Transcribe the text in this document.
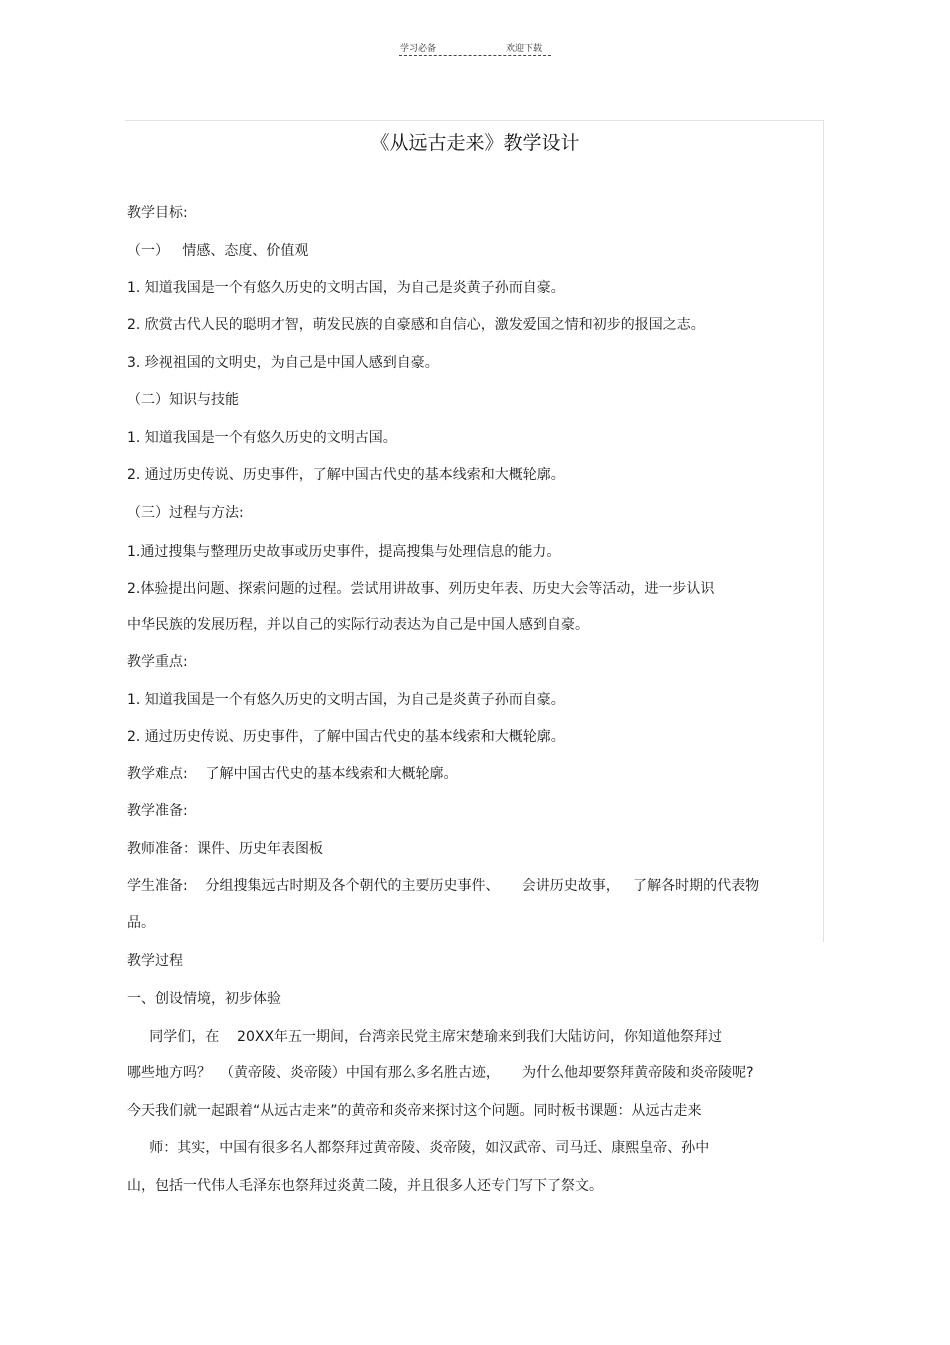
学习必备	欢迎下载
《从远古走来》教学设计
教学目标:
（一）   情感、态度、价值观
1. 知道我国是一个有悠久历史的文明古国，为自己是炎黄子孙而自豪。
2. 欣赏古代人民的聪明才智，萌发民族的自豪感和自信心，激发爱国之情和初步的报国之志。
3. 珍视祖国的文明史，为自己是中国人感到自豪。
（二）知识与技能
1. 知道我国是一个有悠久历史的文明古国。
2. 通过历史传说、历史事件，了解中国古代史的基本线索和大概轮廓。
（三）过程与方法:
1.通过搜集与整理历史故事或历史事件，提高搜集与处理信息的能力。
2.体验提出问题、探索问题的过程。尝试用讲故事、列历史年表、历史大会等活动，进一步认识
中华民族的发展历程，并以自己的实际行动表达为自己是中国人感到自豪。
教学重点:
1. 知道我国是一个有悠久历史的文明古国，为自己是炎黄子孙而自豪。
2. 通过历史传说、历史事件，了解中国古代史的基本线索和大概轮廓。
教学难点:    了解中国古代史的基本线索和大概轮廓。
教学准备:
教师准备：课件、历史年表图板
学生准备:    分组搜集远古时期及各个朝代的主要历史事件、     会讲历史故事，   了解各时期的代表物
品。
教学过程
一、创设情境，初步体验
同学们，在    20XX年五一期间，台湾亲民党主席宋楚瑜来到我们大陆访问，你知道他祭拜过
哪些地方吗？  （黄帝陵、炎帝陵）中国有那么多名胜古迹，     为什么他却要祭拜黄帝陵和炎帝陵呢?
今天我们就一起跟着“从远古走来”的黄帝和炎帝来探讨这个问题。同时板书课题：从远古走来
师：其实，中国有很多名人都祭拜过黄帝陵、炎帝陵，如汉武帝、司马迁、康熙皇帝、孙中
山，包括一代伟人毛泽东也祭拜过炎黄二陵，并且很多人还专门写下了祭文。
